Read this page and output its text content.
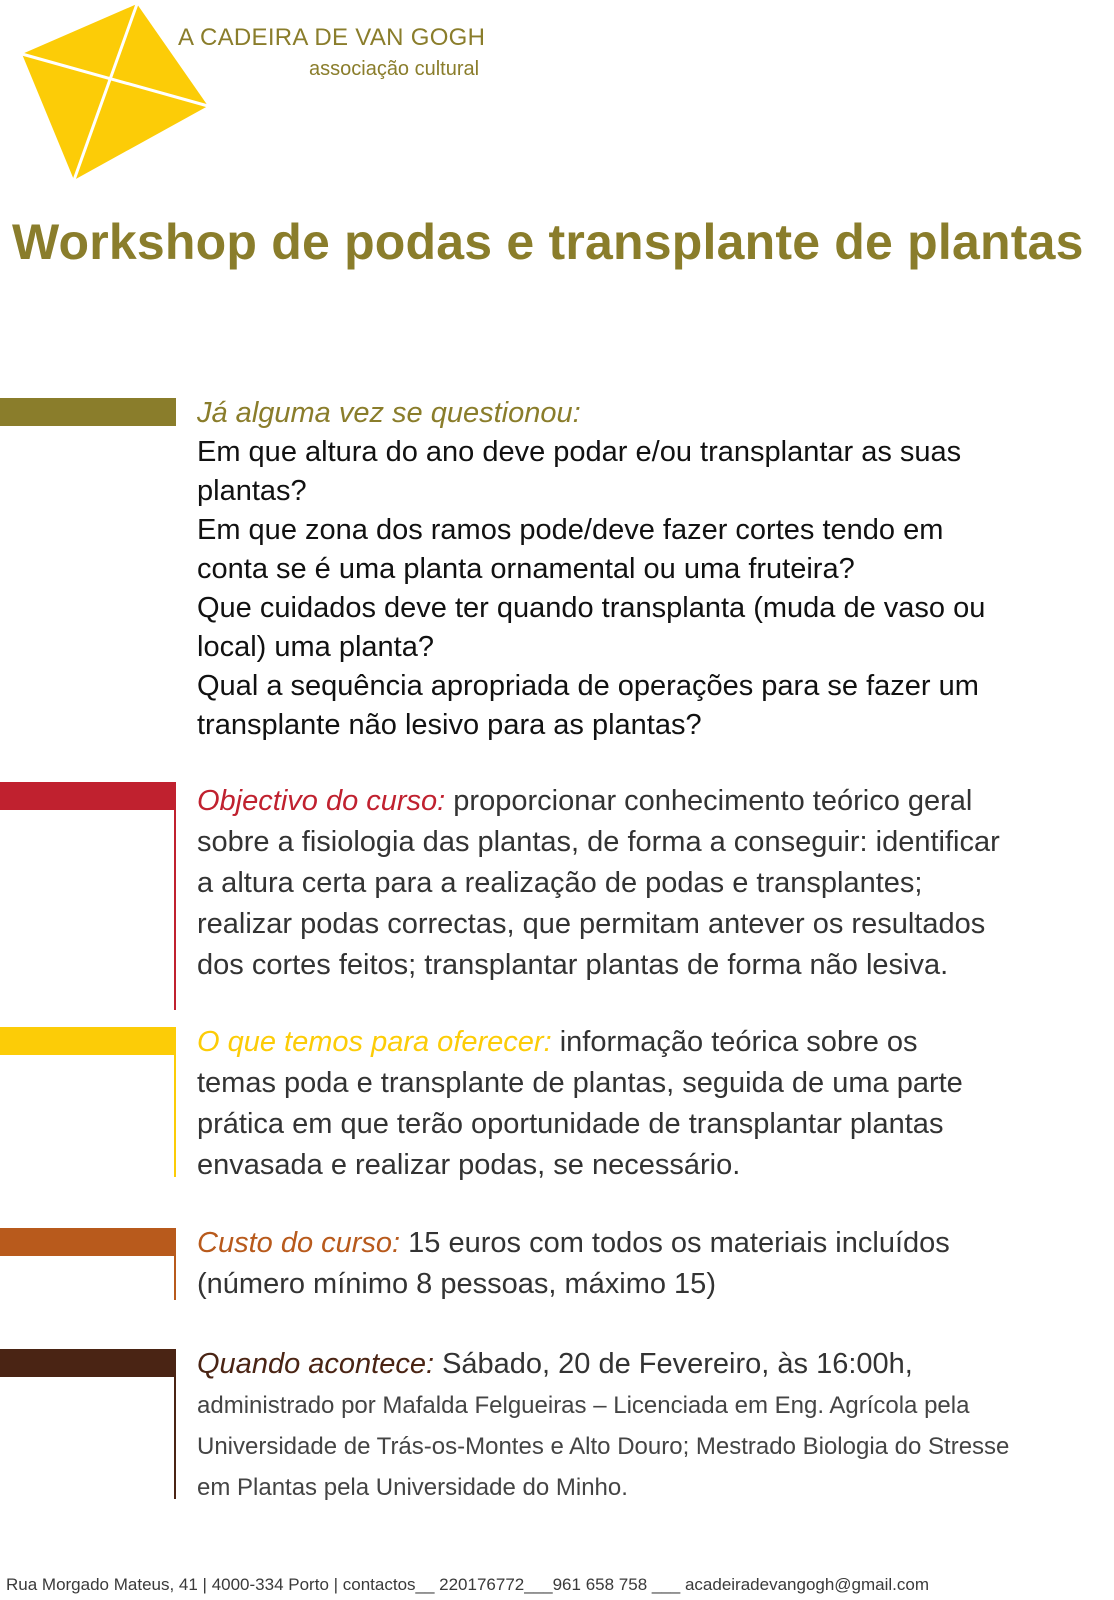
A CADEIRA DE VAN GOGH
associação cultural
Workshop de podas e transplante de plantas

Já alguma vez se questionou:

Em que altura do ano deve podar e/ou transplantar as suas

plantas?

Em que zona dos ramos pode/deve fazer cortes tendo em

conta se é uma planta ornamental ou uma fruteira?

Que cuidados deve ter quando transplanta (muda de vaso ou

local) uma planta?

Qual a sequência apropriada de operações para se fazer um

transplante não lesivo para as plantas?

Objectivo do curso: proporcionar conhecimento teórico geral

sobre a fisiologia das plantas, de forma a conseguir: identificar

a altura certa para a realização de podas e transplantes;

realizar podas correctas, que permitam antever os resultados

dos cortes feitos; transplantar plantas de forma não lesiva.

O que temos para oferecer: informação teórica sobre os

temas poda e transplante de plantas, seguida de uma parte

prática em que terão oportunidade de transplantar plantas

envasada e realizar podas, se necessário.

Custo do curso: 15 euros com todos os materiais incluídos

(número mínimo 8 pessoas, máximo 15)

Quando acontece: Sábado, 20 de Fevereiro, às 16:00h,

administrado por Mafalda Felgueiras – Licenciada em Eng. Agrícola pela

Universidade de Trás-os-Montes e Alto Douro; Mestrado Biologia do Stresse

em Plantas pela Universidade do Minho.

Rua Morgado Mateus, 41 | 4000-334 Porto | contactos__ 220176772___961 658 758 ___ acadeiradevangogh@gmail.com
